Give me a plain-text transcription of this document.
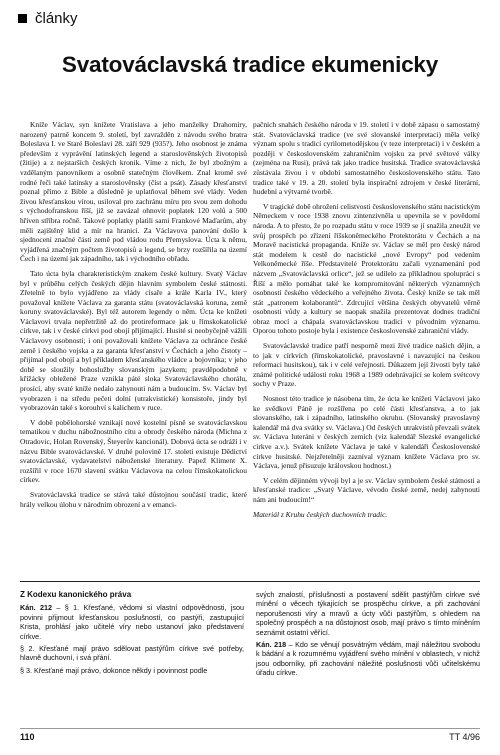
články
Svatováclavská tradice ekumenicky

Kníže Václav, syn knížete Vratislava a jeho manželky Drahomíry, narozený patrně koncem 9. století, byl zavražděn z návodu svého bratra Boleslava I. ve Staré Boleslavi 28. září 929 (935?). Jeho osobnost je známa především z vyprávění latinských legend a staroslověnských životopisů (žitije) a z nejstarších českých kronik. Víme z nich, že byl zbožným a vzdělaným panovníkem a osobně statečným člověkem. Znal kromě své rodné řeči také latinsky a staroslověnsky (číst a psát). Zásady křesťanství poznal přímo z Bible a důsledně je uplatňoval během své vlády. Veden živou křesťanskou vírou, usiloval pro zachránu míru pro svou zem dohodu s východofranskou říší, již se zavázal ohnovit poplatek 120 volů a 500 hřiven stříbra ročně. Takové poplatky platili sami Frankové Maďarům, aby měli zajištěný klid a mír na hranici. Za Václavova panování došlo k sjednocení značné části země pod vládou rodu Přemyslova. Úcta k němu, vyjádřená značným počtem životopisů a legend, se brzy rozšířila na území Čech i na území jak západního, tak i východního obřadu.

Tato úcta byla charakteristickým znakem české kultury. Svatý Václav byl v průběhu celých českých dějin hlavním symbolem české státnosti. Zřetelně to bylo vyjádřeno za vlády císaře a krále Karla IV., který považoval knížete Václava za garanta státu (svatováclavská koruna, země koruny svatováclavské). Byl též autorem legendy o něm. Úcta ke knížeti Václavovi trvala nepřetržitě až do protireformace jak u římskokatolické církve, tak i v české církvi pod obojí přijímající. Husité si neobyčejně vážili Václavovy osobnosti; i oni považovali knížete Václava za ochránce české země i českého vojska a za garanta křesťanství v Čechách a jeho čistoty – přijímal pod obojí a byl příkladem křesťanského vládce a bojovníka; v jeho době se sloužily bohoslužby slovanským jazykem; pravděpodobně v křížácky obležené Praze vznikla páté sloka Svatováclavského chorálu, prosící, aby svaté kníže nedalo zahynouti nám a budoucím. Sv. Václav byl vyobrazen i na středu pečeti dolní (utrakvistické) konsistoře, jindy byl vyobrazován také s korouhví s kalichem v ruce.

V době pobělohorské vznikají nové kostelní písně se svatováclavskou tematikou v duchu nábožnostního cítu a obrody českého národa (Michna z Otradovic, Holan Rovenský, Šteyerův kancionál). Dobová úcta se odráží i v názvu Bible svatováclavské. V druhé polovině 17. století existuje Dědictví svatováclavské, vydavatelství náboženské literatury. Papež Kliment X. rozšířil v roce 1670 slavení svátku Václavova na celou římskokatolickou církev.

Svatováclavská tradice se stává také důstojnou součástí tradic, které hrály velkou úlohu v národním obrození a v emanci-

pačních snahách českého národa v 19. století i v době zápasu o samostatný stát. Svatováclavská tradice (ve své slovanské interpretaci) měla velký význam spolu s tradicí cyrilometodějskou (v teze interpretaci) i v českém a později v československém zahraničním vojsku za prvé světové války (zejména na Rusi), prává tak jako tradice husitská. Tradice svatováclavská zůstávala živou i v období samostatného československého státu. Tato tradice také v 19. a 20. století byla inspirační zdrojem v české literární, hudební a výtvarné tvorbě.

V tragické době ohrožení celistvosti československého státu nacistickým Německem v roce 1938 znovu zintenzivněla u upevnila se v povědomí národa. A to přesto, že po rozpadu státu v roce 1939 se jí snažila zneužít ve svůj prospěch po zřízení říšskoněmeckého Protektorátu v Čechách a na Moravě nacistická propaganda. Kníže sv. Václav se měl pro český národ stát modelem k cestě do nacistické „nové Evropy“ pod vedením Velkoněmecké říše. Představitelé Protektorátu začali vyznamenání pod názvem „Svatováclavská orlice“, jež se udílelo za příkladnou spolupráci s Říší a mělo pomáhat také ke kompromitování některých významných osobností českého vědeckého a veřejného života. Český kníže se tak měl stát „patronem kolaborantů“. Zdrcující většina českých obyvatelů věrně osobnosti vůdy a kultury se naopak snažila prezentovat dodnes tradiční obraz mocí a chápala svatováclavskou tradici v původním významu. Oporou tohoto postoje byla i existence československé zahraniční vlády.

Svatováclavské tradice patří nesporně mezi živé tradice našich dějin, a to jak v církvích (římskokatolické, pravoslavné i navazující na českou reformaci husitskou), tak i v celé veřejnosti. Důkazem její živosti byly také známé politické události roku 1968 a 1989 odehrávající se kolem svétcovy sochy v Praze.

Nosnost této tradice je násobena tím, že úcta ke knížeti Václavovi jako ke svědkovi Páně je rozšířena po celé části křesťanstva, a to jak slovanského, tak i západního, latinského okruhu. (Slovanský pravoslavný kalendář má dva svátky sv. Václava.) Od českých utrakvistů převzali svátek sv. Václava luteráni v českých zemích (viz kalendář Slezské evangelické církve a.v.). Svátek knížete Václava je také v kalendáři Československé církve husitské. Nejzřetelněji zazníval význam knížete Václava pro sv. Václava, jenuž přisuzuje královskou hodnost.)

V celém dějinném vývoji byl a je sv. Václav symbolem české státnosti a křesťanské tradice: „Svatý Václave, vévodo české země, nedej zahynouti nám ani budoucím!“

Materiál z Kruhu českých duchovních tradic.

Z Kodexu kanonického práva

Kán. 212 – § 1. Křesťané, vědomi si vlastní odpovědnosti, jsou povinni přijmout křesťanskou poslušností, co pastýři, zastupující Krista, prohlásí jako učitelé víry nebo ustanoví jako představení církve.

§ 2. Křesťané mají právo sdělovat pastýřům církve své potřeby, hlavně duchovní, i svá přání.

§ 3. Křesťané mají právo, dokonce někdy i povinnost podle

svých znalostí, příslušnosti a postavení sdělit pastýřům církve své mínění o věcech týkajících se prospěchu církve, a při zachování neporušenosti víry a mravů a úcty vůči pastýřům, s ohledem na společný prospěch a na důstojnost osob, mají právo s tímto míněním seznámit ostatní věřící.

Kán. 218 – Kdo se věnují posvátným vědám, mají náležitou svobodu k bádání a k rozumnému vyjádření svého mínění v oblastech, v nichž jsou odborníky, při zachování náležité poslušnosti vůči učitelskému úřadu církve.

110	TT 4/96
